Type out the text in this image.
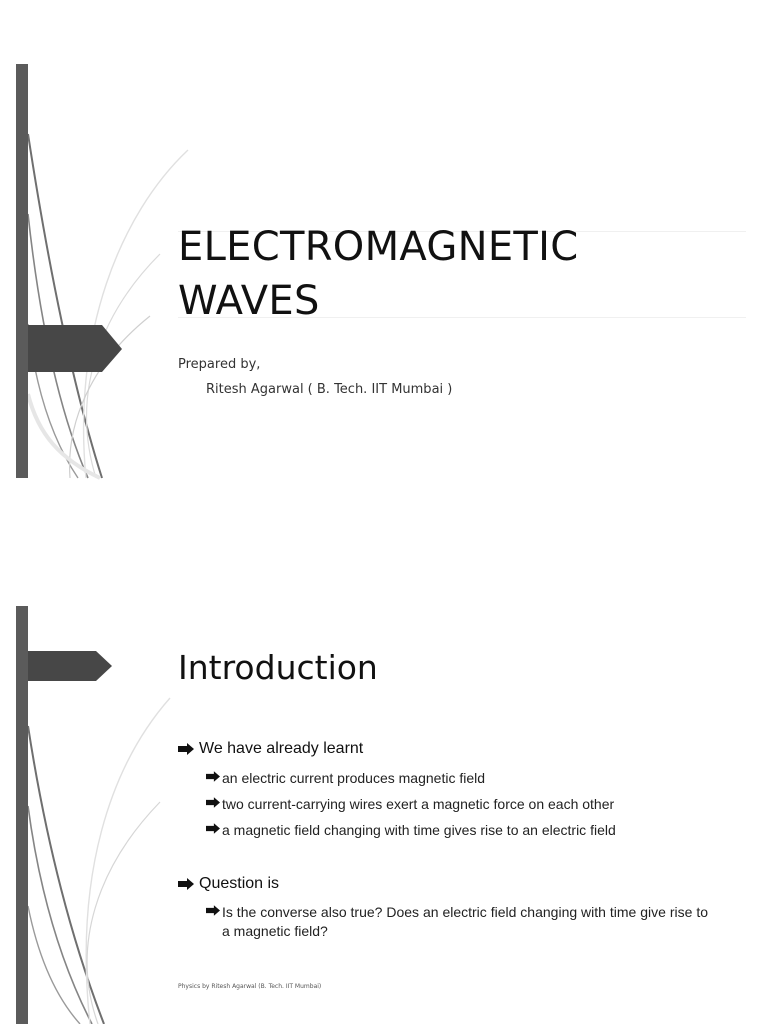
ELECTROMAGNETIC
WAVES
Prepared by,
Ritesh Agarwal ( B. Tech. IIT Mumbai )
Introduction
We have already learnt
an electric current produces magnetic field
two current-carrying wires exert a magnetic force on each other
a magnetic field changing with time gives rise to an electric field
Question is
Is the converse also true? Does an electric field changing with time give rise to a magnetic field?
Physics by Ritesh Agarwal (B. Tech. IIT Mumbai)
